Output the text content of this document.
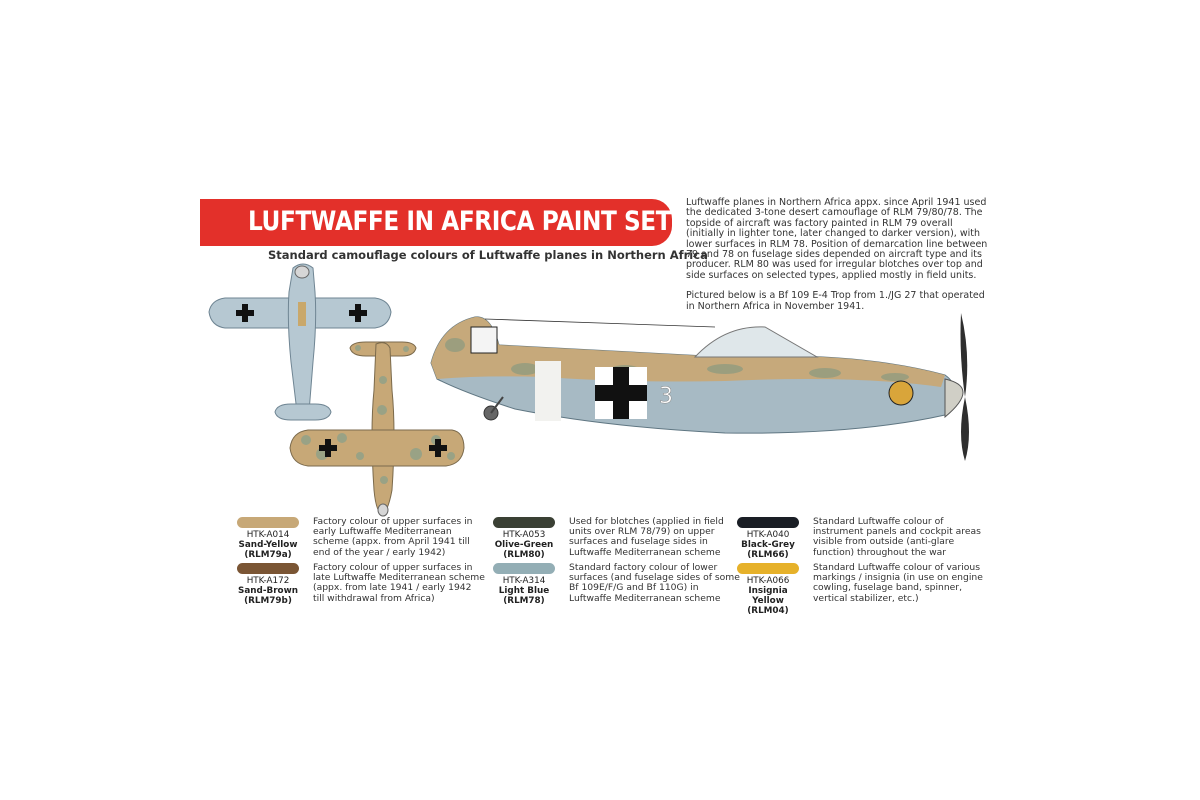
LUFTWAFFE IN AFRICA PAINT SET
Standard camouflage colours of Luftwaffe planes in Northern Africa

Luftwaffe planes in Northern Africa appx. since April 1941 used the dedicated 3-tone desert camouflage of RLM 79/80/78. The topside of aircraft was factory painted in RLM 79 overall (initially in lighter tone, later changed to darker version), with lower surfaces in RLM 78. Position of demarcation line between 79 and 78 on fuselage sides depended on aircraft type and its producer. RLM 80 was used for irregular blotches over top and side surfaces on selected types, applied mostly in field units.

Pictured below is a Bf 109 E-4 Trop from 1./JG 27 that operated in Northern Africa in November 1941.

3
HTK-A014
Sand-Yellow
(RLM79a)
Factory colour of upper surfaces in early Luftwaffe Mediterranean scheme (appx. from April 1941 till end of the year / early 1942)
HTK-A172
Sand-Brown
(RLM79b)
Factory colour of upper surfaces in late Luftwaffe Mediterranean scheme (appx. from late 1941 / early 1942 till withdrawal from Africa)
HTK-A053
Olive-Green
(RLM80)
Used for blotches (applied in field units over RLM 78/79) on upper surfaces and fuselage sides in Luftwaffe Mediterranean scheme
HTK-A314
Light Blue
(RLM78)
Standard factory colour of lower surfaces (and fuselage sides of some Bf 109E/F/G and Bf 110G) in Luftwaffe Mediterranean scheme
HTK-A040
Black-Grey
(RLM66)
Standard Luftwaffe colour of instrument panels and cockpit areas visible from outside (anti-glare function) throughout the war
HTK-A066
Insignia Yellow
(RLM04)
Standard Luftwaffe colour of various markings / insignia (in use on engine cowling, fuselage band, spinner, vertical stabilizer, etc.)
